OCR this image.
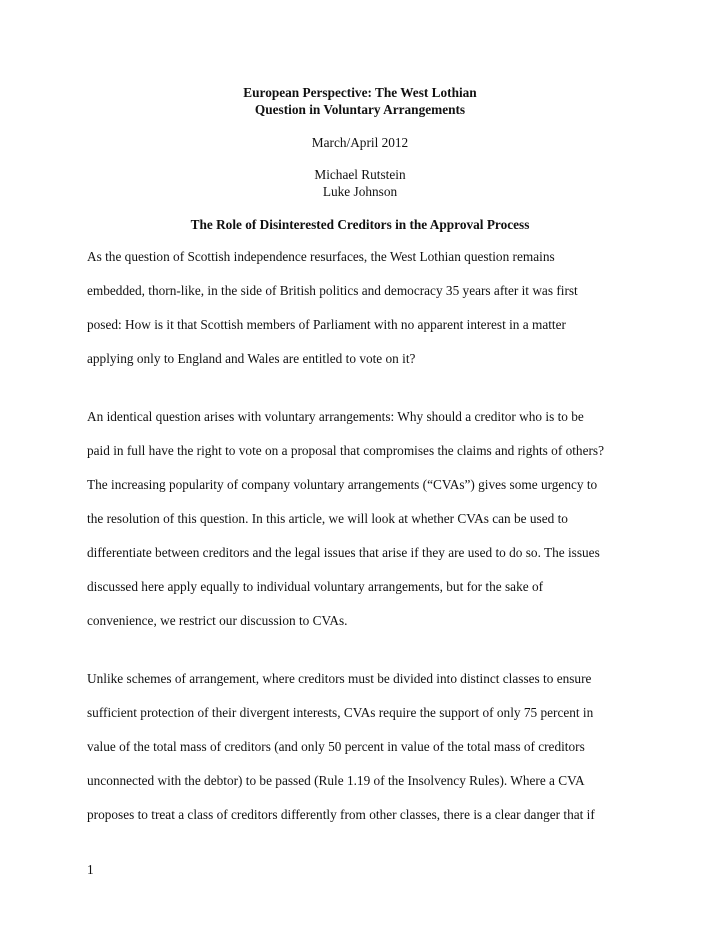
European Perspective: The West Lothian
Question in Voluntary Arrangements
March/April 2012
Michael Rutstein
Luke Johnson
The Role of Disinterested Creditors in the Approval Process
As the question of Scottish independence resurfaces, the West Lothian question remains
embedded, thorn-like, in the side of British politics and democracy 35 years after it was first
posed: How is it that Scottish members of Parliament with no apparent interest in a matter
applying only to England and Wales are entitled to vote on it?
An identical question arises with voluntary arrangements: Why should a creditor who is to be
paid in full have the right to vote on a proposal that compromises the claims and rights of others?
The increasing popularity of company voluntary arrangements (“CVAs”) gives some urgency to
the resolution of this question. In this article, we will look at whether CVAs can be used to
differentiate between creditors and the legal issues that arise if they are used to do so. The issues
discussed here apply equally to individual voluntary arrangements, but for the sake of
convenience, we restrict our discussion to CVAs.
Unlike schemes of arrangement, where creditors must be divided into distinct classes to ensure
sufficient protection of their divergent interests, CVAs require the support of only 75 percent in
value of the total mass of creditors (and only 50 percent in value of the total mass of creditors
unconnected with the debtor) to be passed (Rule 1.19 of the Insolvency Rules). Where a CVA
proposes to treat a class of creditors differently from other classes, there is a clear danger that if
1
